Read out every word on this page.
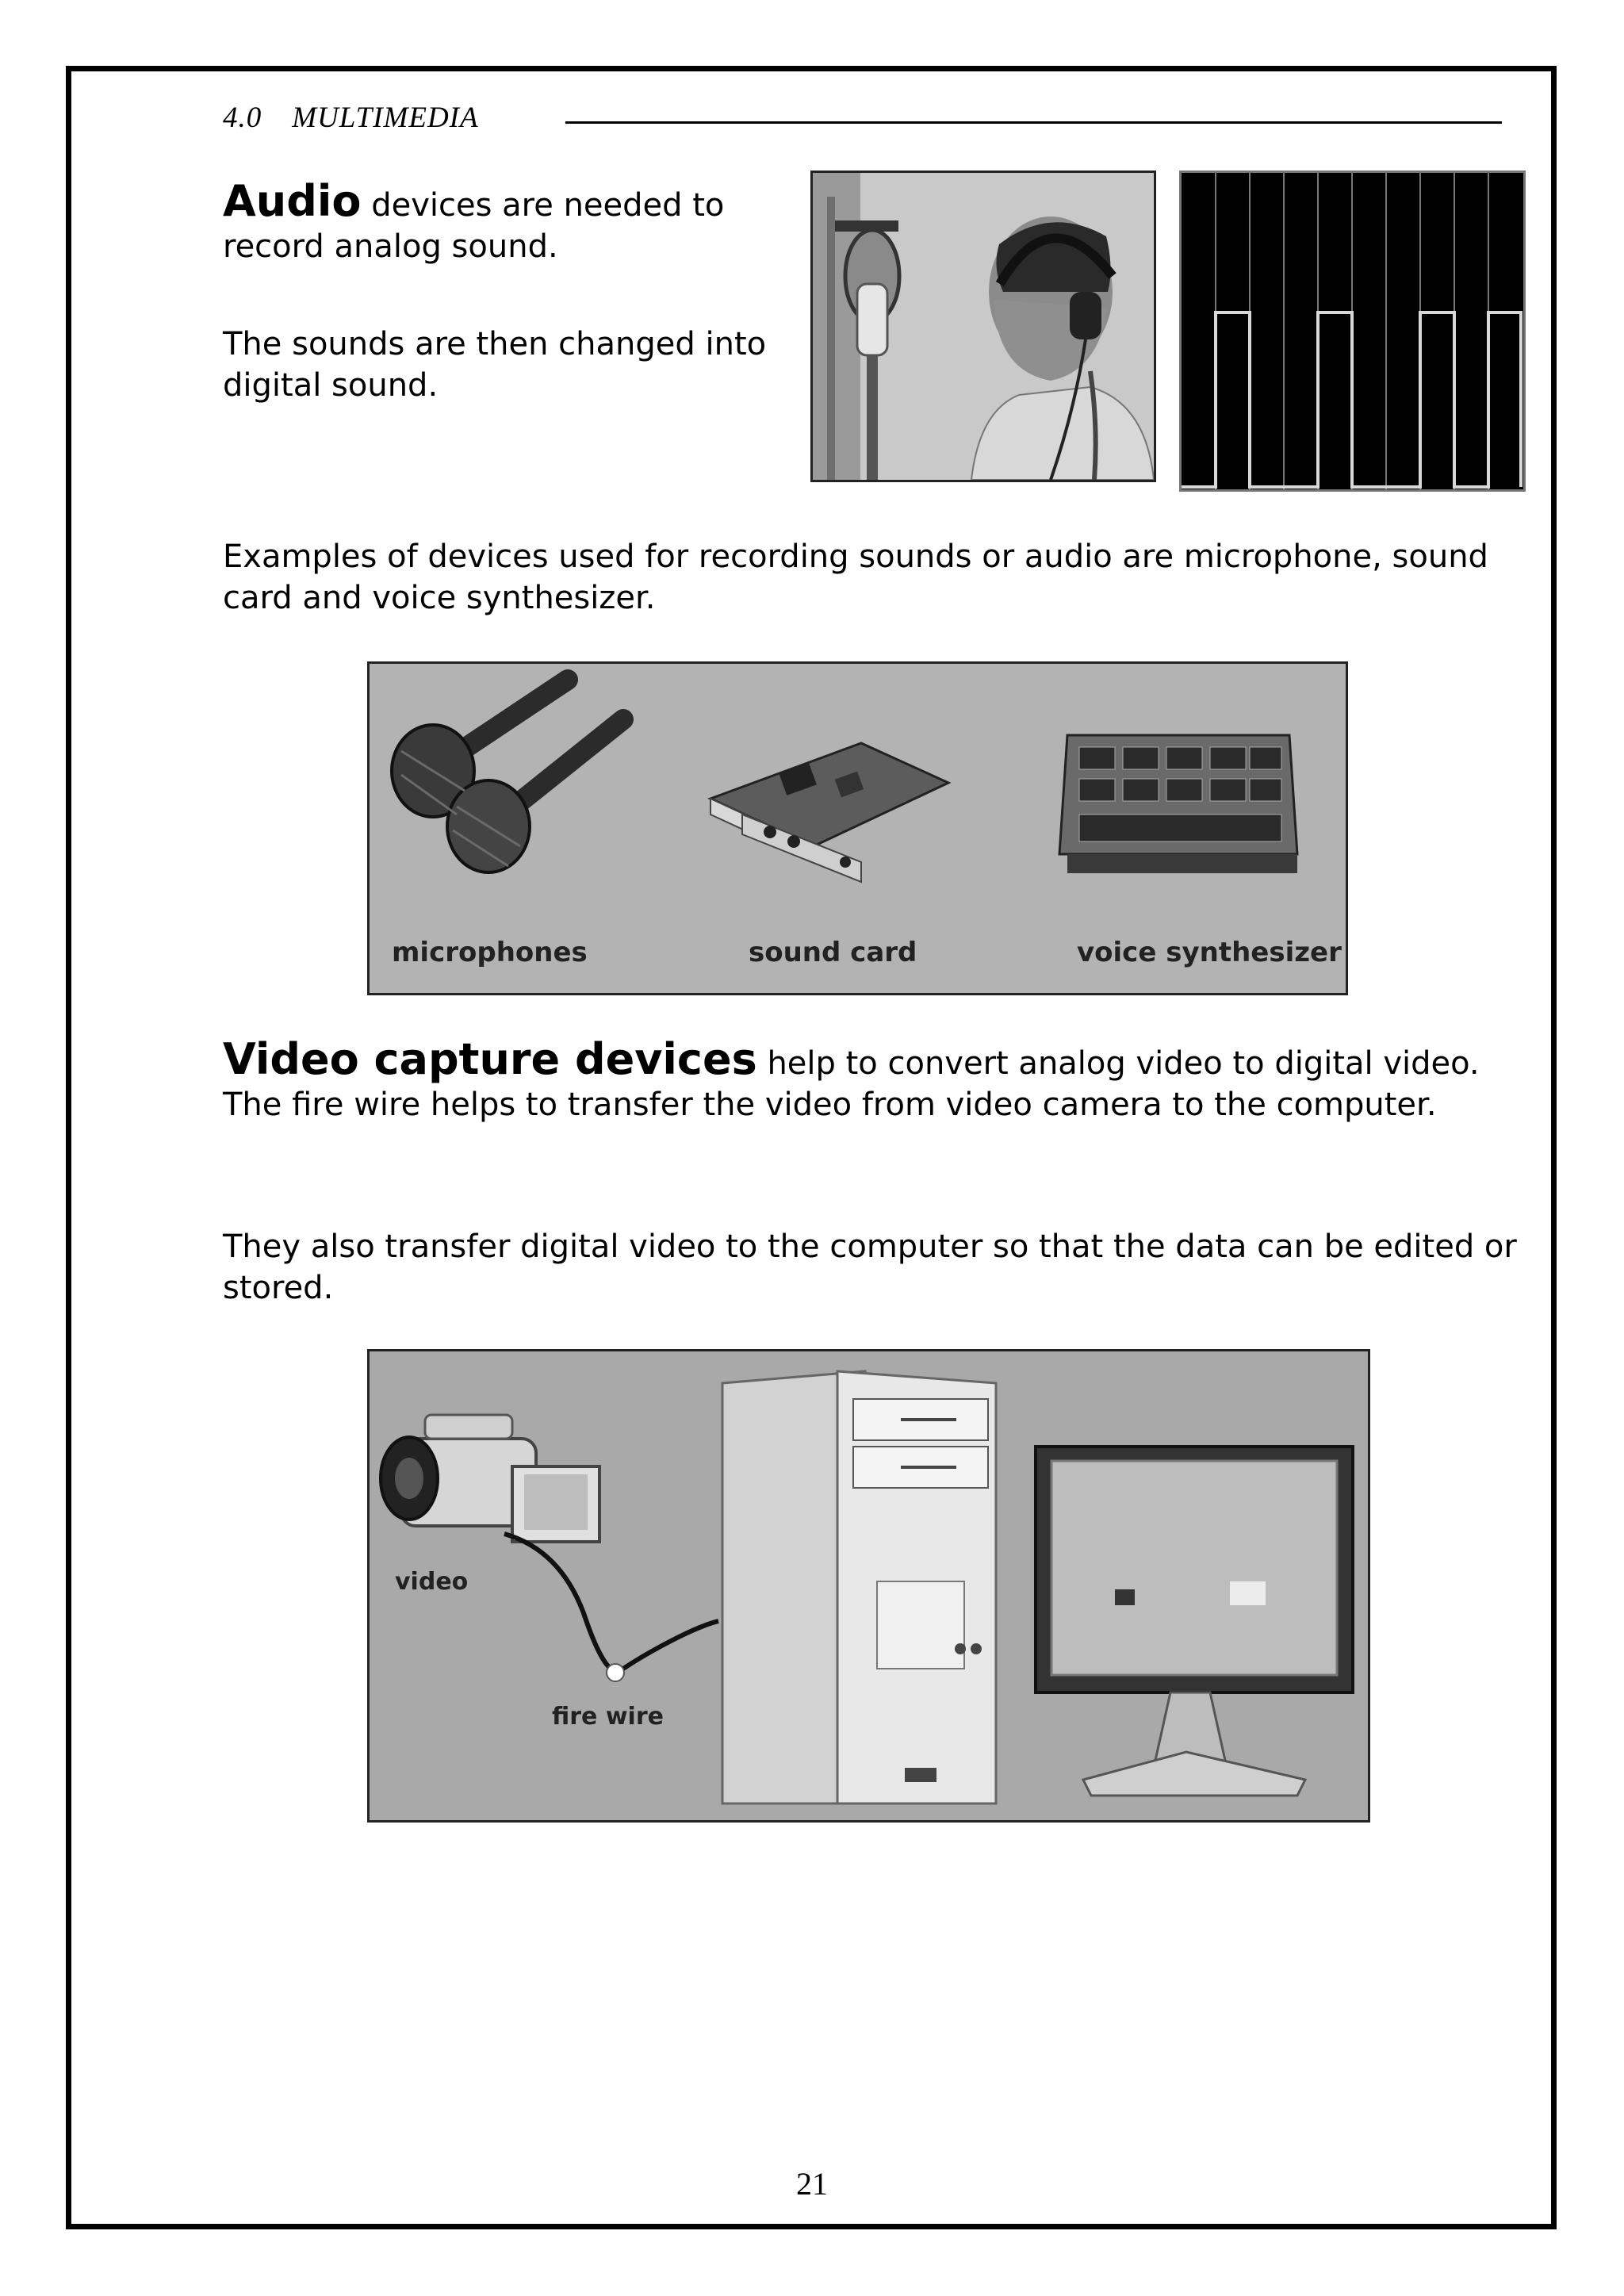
4.0 MULTIMEDIA
Audio devices are needed to record analog sound.
The sounds are then changed into digital sound.
Examples of devices used for recording sounds or audio are microphone, sound card and voice synthesizer.
microphones	sound card	voice synthesizer
Video capture devices help to convert analog video to digital video. The fire wire helps to transfer the video from video camera to the computer.
They also transfer digital video to the computer so that the data can be edited or stored.
video
fire wire
21
